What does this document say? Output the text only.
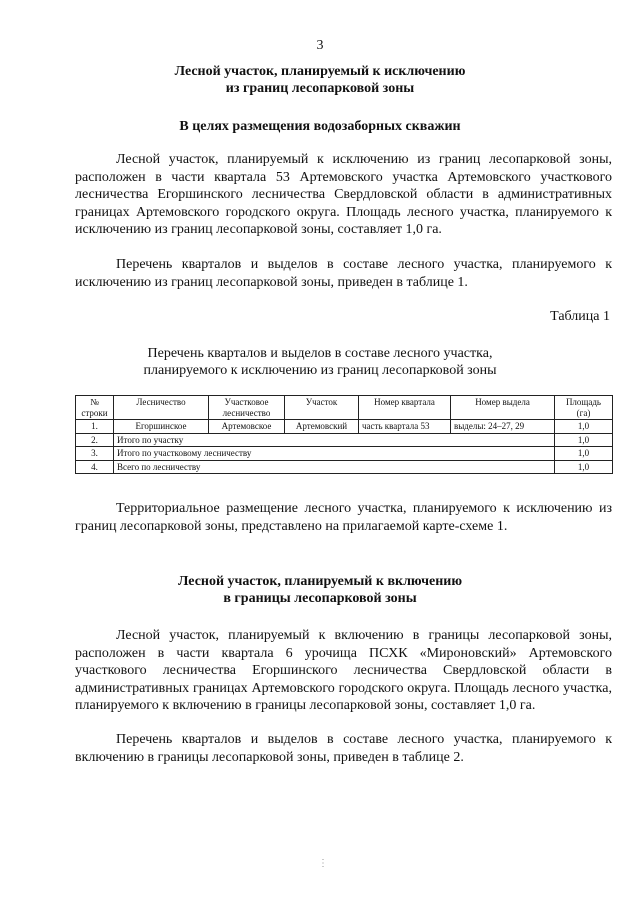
3
Лесной участок, планируемый к исключению
из границ лесопарковой зоны
В целях размещения водозаборных скважин

Лесной участок, планируемый к исключению из границ лесопарковой зоны, расположен в части квартала 53 Артемовского участка Артемовского участкового лесничества Егоршинского лесничества Свердловской области в административных границах Артемовского городского округа. Площадь лесного участка, планируемого к исключению из границ лесопарковой зоны, составляет 1,0 га.

Перечень кварталов и выделов в составе лесного участка, планируемого к исключению из границ лесопарковой зоны, приведен в таблице 1.

Таблица 1
Перечень кварталов и выделов в составе лесного участка,
планируемого к исключению из границ лесопарковой зоны
№ строки	Лесничество	Участковое лесничество	Участок	Номер квартала	Номер выдела	Площадь (га)
1.	Егоршинское	Артемовское	Артемовский	часть квартала 53	выделы: 24–27, 29	1,0
2.	Итого по участку					1,0
3.	Итого по участковому лесничеству					1,0
4.	Всего по лесничеству					1,0

Территориальное размещение лесного участка, планируемого к исключению из границ лесопарковой зоны, представлено на прилагаемой карте-схеме 1.

Лесной участок, планируемый к включению
в границы лесопарковой зоны

Лесной участок, планируемый к включению в границы лесопарковой зоны, расположен в части квартала 6 урочища ПСХК «Мироновский» Артемовского участкового лесничества Егоршинского лесничества Свердловской области в административных границах Артемовского городского округа. Площадь лесного участка, планируемого к включению в границы лесопарковой зоны, составляет 1,0 га.

Перечень кварталов и выделов в составе лесного участка, планируемого к включению в границы лесопарковой зоны, приведен в таблице 2.

⋮
